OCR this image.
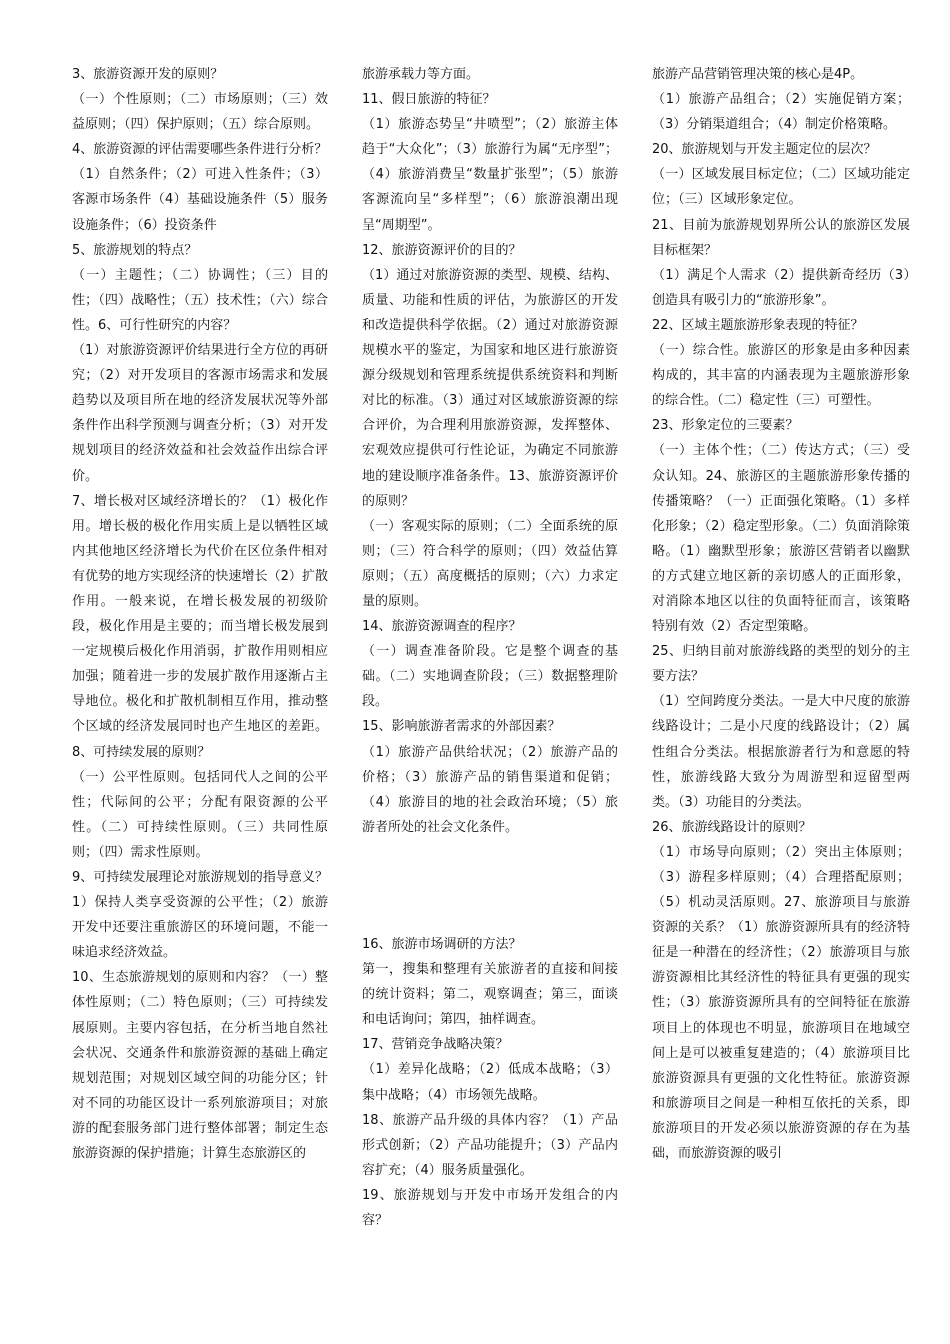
3、旅游资源开发的原则？

（一）个性原则；（二）市场原则；（三）效益原则；（四）保护原则；（五）综合原则。

4、旅游资源的评估需要哪些条件进行分析？

（1）自然条件；（2）可进入性条件；（3）客源市场条件（4）基础设施条件（5）服务设施条件；（6）投资条件

5、旅游规划的特点？

（一）主题性；（二）协调性；（三）目的性；（四）战略性；（五）技术性；（六）综合性。6、可行性研究的内容？

（1）对旅游资源评价结果进行全方位的再研究；（2）对开发项目的客源市场需求和发展趋势以及项目所在地的经济发展状况等外部条件作出科学预测与调查分析；（3）对开发规划项目的经济效益和社会效益作出综合评价。

7、增长极对区域经济增长的？（1）极化作用。增长极的极化作用实质上是以牺牲区域内其他地区经济增长为代价在区位条件相对有优势的地方实现经济的快速增长（2）扩散作用。一般来说，在增长极发展的初级阶段，极化作用是主要的；而当增长极发展到一定规模后极化作用消弱，扩散作用则相应加强；随着进一步的发展扩散作用逐渐占主导地位。极化和扩散机制相互作用，推动整个区域的经济发展同时也产生地区的差距。8、可持续发展的原则？

（一）公平性原则。包括同代人之间的公平性；代际间的公平；分配有限资源的公平性。（二）可持续性原则。（三）共同性原则；（四）需求性原则。

9、可持续发展理论对旅游规划的指导意义？1）保持人类享受资源的公平性；（2）旅游开发中还要注重旅游区的环境问题，不能一味追求经济效益。

10、生态旅游规划的原则和内容？（一）整体性原则；（二）特色原则；（三）可持续发展原则。主要内容包括，在分析当地自然社会状况、交通条件和旅游资源的基础上确定规划范围；对规划区域空间的功能分区；针对不同的功能区设计一系列旅游项目；对旅游的配套服务部门进行整体部署；制定生态旅游资源的保护措施；计算生态旅游区的

旅游承载力等方面。

11、假日旅游的特征？

（1）旅游态势呈“井喷型”；（2）旅游主体趋于“大众化”；（3）旅游行为属“无序型”；（4）旅游消费呈“数量扩张型”；（5）旅游客源流向呈“多样型”；（6）旅游浪潮出现呈“周期型”。

12、旅游资源评价的目的？

（1）通过对旅游资源的类型、规模、结构、质量、功能和性质的评估，为旅游区的开发和改造提供科学依据。（2）通过对旅游资源规模水平的鉴定，为国家和地区进行旅游资源分级规划和管理系统提供系统资料和判断对比的标准。（3）通过对区域旅游资源的综合评价，为合理利用旅游资源，发挥整体、宏观效应提供可行性论证，为确定不同旅游地的建设顺序准备条件。13、旅游资源评价的原则？

（一）客观实际的原则；（二）全面系统的原则；（三）符合科学的原则；（四）效益估算原则；（五）高度概括的原则；（六）力求定量的原则。

14、旅游资源调查的程序？

（一）调查准备阶段。它是整个调查的基础。（二）实地调查阶段；（三）数据整理阶段。

15、影响旅游者需求的外部因素？

（1）旅游产品供给状况；（2）旅游产品的价格；（3）旅游产品的销售渠道和促销；（4）旅游目的地的社会政治环境；（5）旅游者所处的社会文化条件。

16、旅游市场调研的方法？

第一，搜集和整理有关旅游者的直接和间接的统计资料；第二，观察调查；第三，面谈和电话询问；第四，抽样调查。

17、营销竞争战略决策？

（1）差异化战略；（2）低成本战略；（3）集中战略；（4）市场领先战略。

18、旅游产品升级的具体内容？（1）产品形式创新；（2）产品功能提升；（3）产品内容扩充；（4）服务质量强化。

19、旅游规划与开发中市场开发组合的内容？

旅游产品营销管理决策的核心是4P。

（1）旅游产品组合；（2）实施促销方案；（3）分销渠道组合；（4）制定价格策略。

20、旅游规划与开发主题定位的层次？

（一）区域发展目标定位；（二）区域功能定位；（三）区域形象定位。

21、目前为旅游规划界所公认的旅游区发展目标框架？

（1）满足个人需求（2）提供新奇经历（3）创造具有吸引力的“旅游形象”。

22、区域主题旅游形象表现的特征？

（一）综合性。旅游区的形象是由多种因素构成的，其丰富的内涵表现为主题旅游形象的综合性。（二）稳定性（三）可塑性。

23、形象定位的三要素？

（一）主体个性；（二）传达方式；（三）受众认知。24、旅游区的主题旅游形象传播的传播策略？（一）正面强化策略。（1）多样化形象；（2）稳定型形象。（二）负面消除策略。（1）幽默型形象；旅游区营销者以幽默的方式建立地区新的亲切感人的正面形象，对消除本地区以往的负面特征而言，该策略特别有效（2）否定型策略。

25、归纳目前对旅游线路的类型的划分的主要方法？

（1）空间跨度分类法。一是大中尺度的旅游线路设计；二是小尺度的线路设计；（2）属性组合分类法。根据旅游者行为和意愿的特性，旅游线路大致分为周游型和逗留型两类。（3）功能目的分类法。

26、旅游线路设计的原则？

（1）市场导向原则；（2）突出主体原则；（3）游程多样原则；（4）合理搭配原则；（5）机动灵活原则。27、旅游项目与旅游资源的关系？（1）旅游资源所具有的经济特征是一种潜在的经济性；（2）旅游项目与旅游资源相比其经济性的特征具有更强的现实性；（3）旅游资源所具有的空间特征在旅游项目上的体现也不明显，旅游项目在地域空间上是可以被重复建造的；（4）旅游项目比旅游资源具有更强的文化性特征。旅游资源和旅游项目之间是一种相互依托的关系，即旅游项目的开发必须以旅游资源的存在为基础，而旅游资源的吸引
